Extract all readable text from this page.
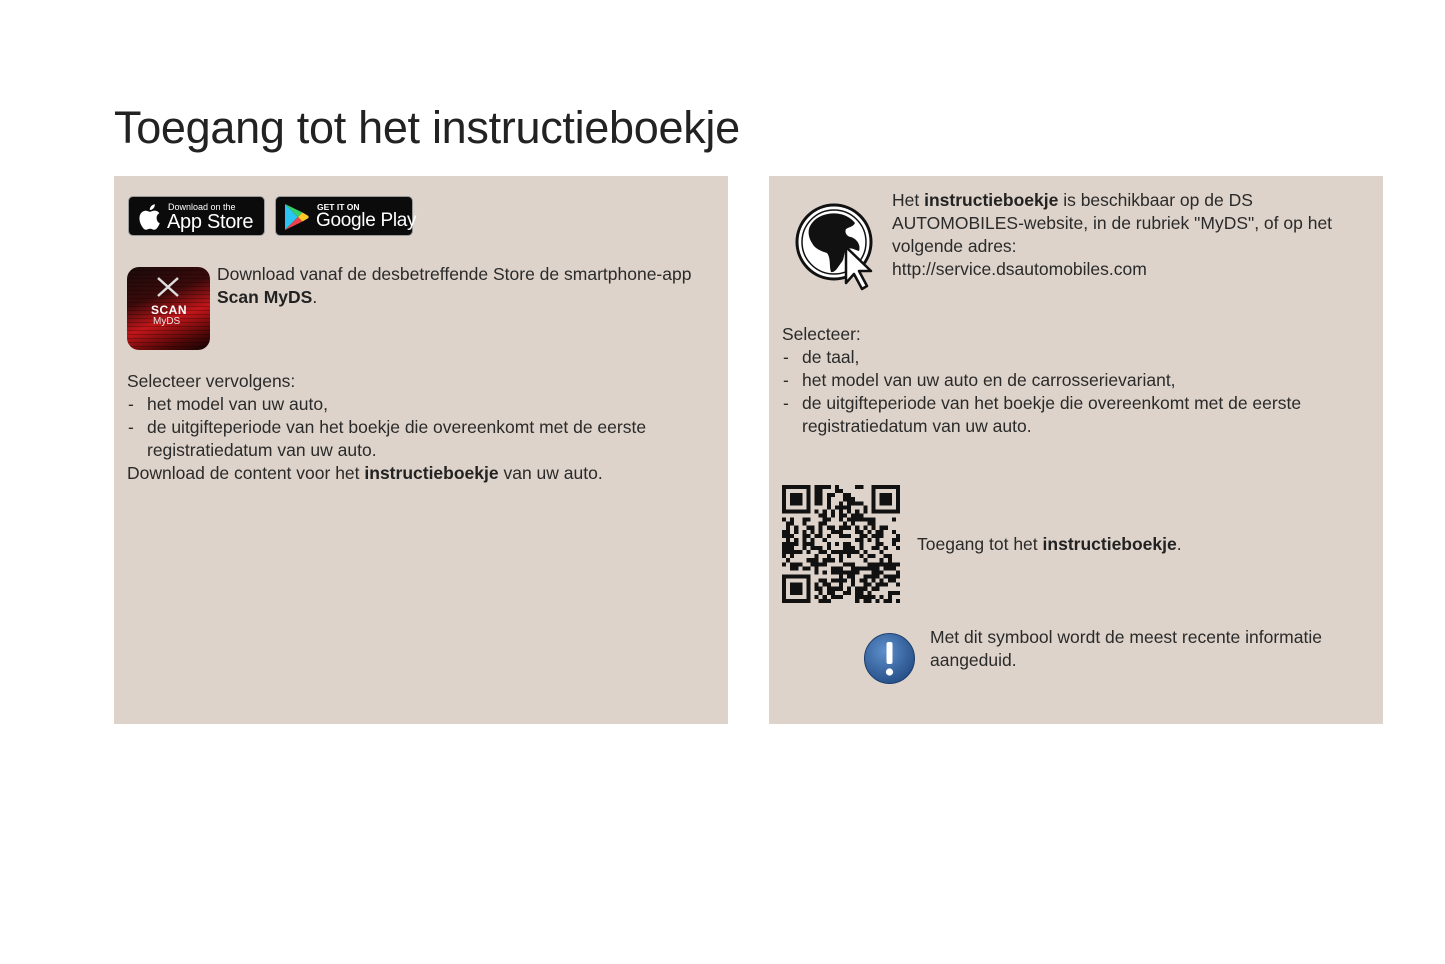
Toegang tot het instructieboekje
Download on the
App Store
GET IT ON
Google Play
SCAN
MyDS
Download vanaf de desbetreffende Store de smartphone-app Scan MyDS.
Selecteer vervolgens:
- het model van uw auto,
- de uitgifteperiode van het boekje die overeenkomt met de eerste registratiedatum van uw auto.
Download de content voor het instructieboekje van uw auto.
Het instructieboekje is beschikbaar op de DS AUTOMOBILES-website, in de rubriek "MyDS", of op het volgende adres:
http://service.dsautomobiles.com
Selecteer:
- de taal,
- het model van uw auto en de carrosserievariant,
- de uitgifteperiode van het boekje die overeenkomt met de eerste registratiedatum van uw auto.
Toegang tot het instructieboekje.
Met dit symbool wordt de meest recente informatie aangeduid.
